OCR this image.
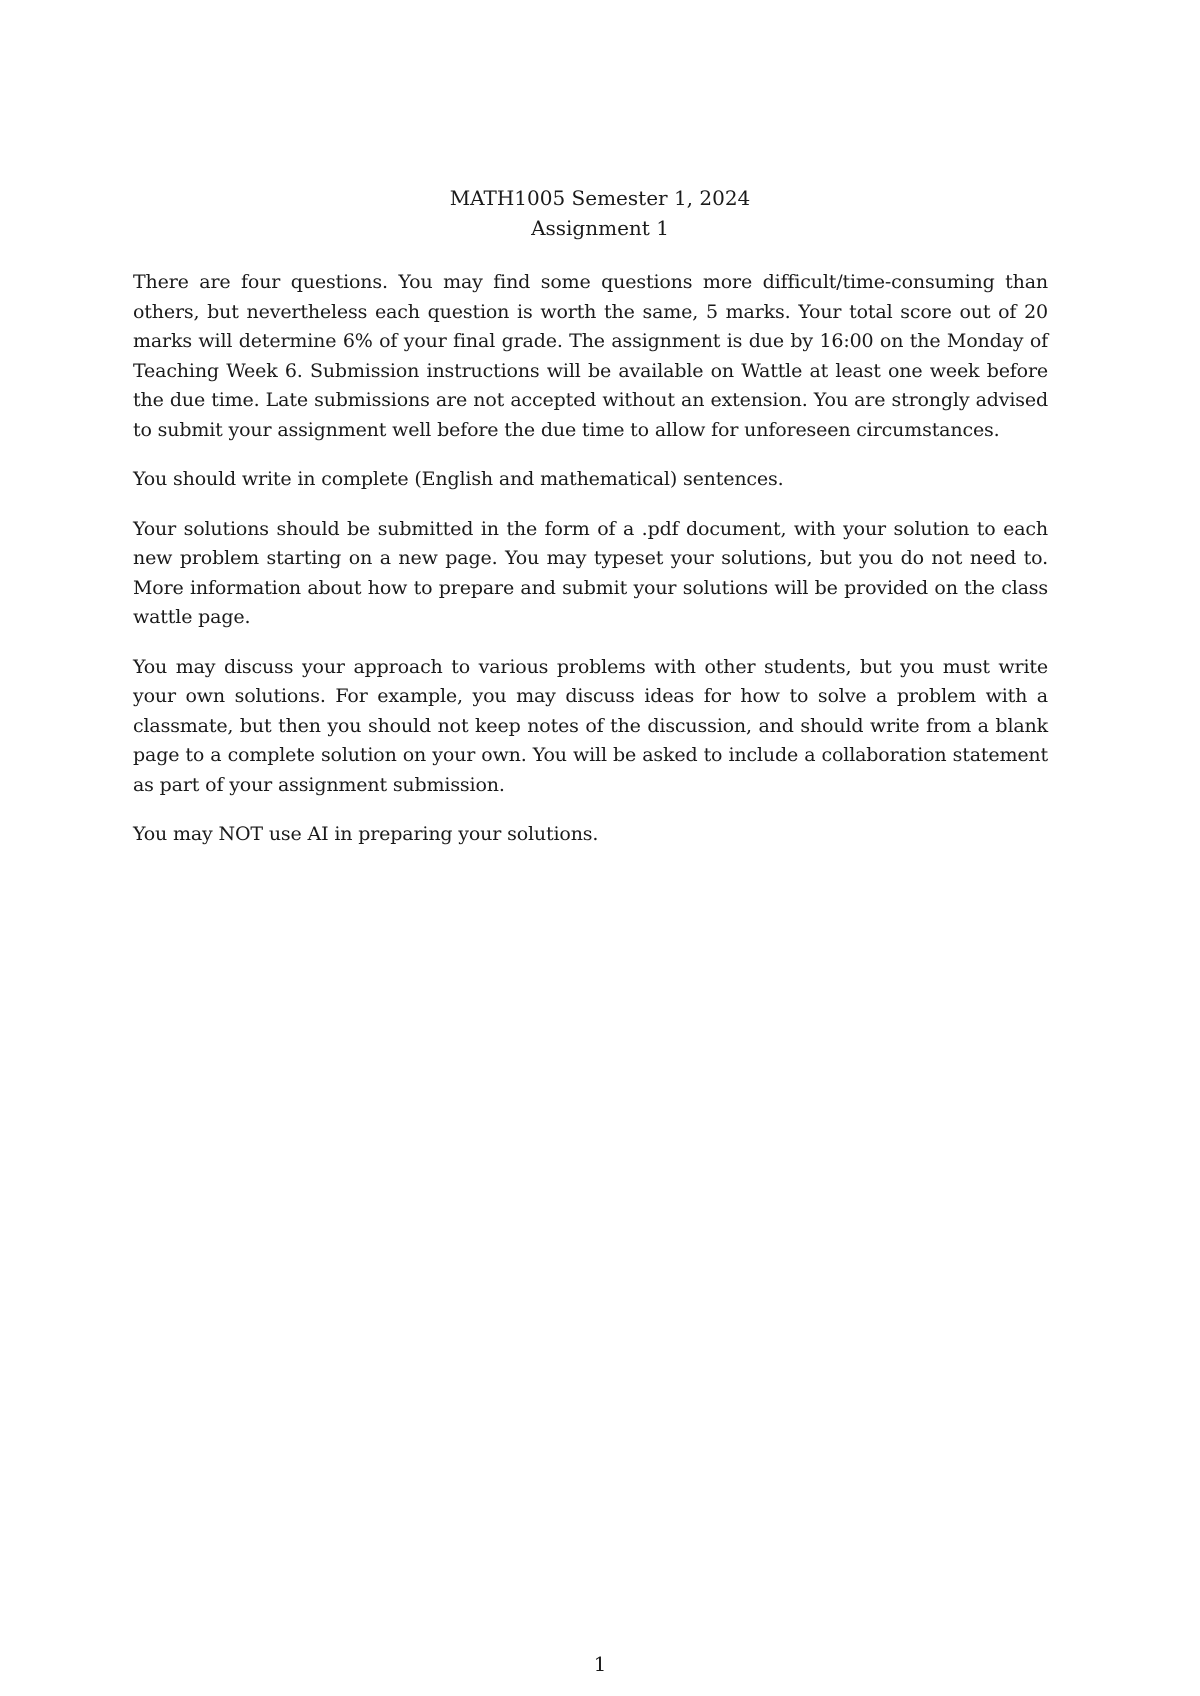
MATH1005 Semester 1, 2024
Assignment 1

There are four questions. You may find some questions more difficult/time-consuming than others, but nevertheless each question is worth the same, 5 marks. Your total score out of 20 marks will determine 6% of your final grade. The assignment is due by 16:00 on the Monday of Teaching Week 6. Submission instructions will be available on Wattle at least one week before the due time. Late submissions are not accepted without an extension. You are strongly advised to submit your assignment well before the due time to allow for unforeseen circumstances.

You should write in complete (English and mathematical) sentences.

Your solutions should be submitted in the form of a .pdf document, with your solution to each new problem starting on a new page. You may typeset your solutions, but you do not need to. More information about how to prepare and submit your solutions will be provided on the class wattle page.

You may discuss your approach to various problems with other students, but you must write your own solutions. For example, you may discuss ideas for how to solve a problem with a classmate, but then you should not keep notes of the discussion, and should write from a blank page to a complete solution on your own. You will be asked to include a collaboration statement as part of your assignment submission.

You may NOT use AI in preparing your solutions.

1
